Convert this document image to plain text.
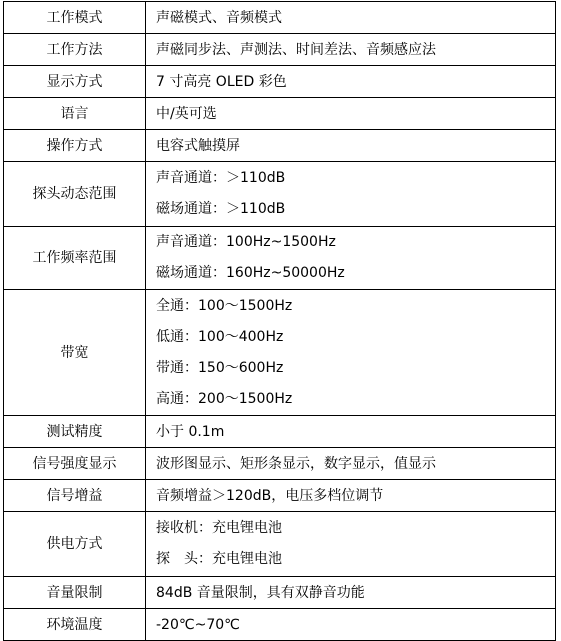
工作模式	声磁模式、音频模式

工作方法	声磁同步法、声测法、时间差法、音频感应法

显示方式	7 寸高亮 OLED 彩色

语言	中/英可选

操作方式	电容式触摸屏

探头动态范围	声音通道：＞110dB
磁场通道：＞110dB

工作频率范围	声音通道：100Hz~1500Hz
磁场通道：160Hz~50000Hz

带宽	全通：100～1500Hz
低通：100～400Hz
带通：150～600Hz
高通：200～1500Hz

测试精度	小于 0.1m

信号强度显示	波形图显示、矩形条显示，数字显示，值显示

信号增益	音频增益＞120dB，电压多档位调节

供电方式	接收机：充电锂电池
探　头：充电锂电池

音量限制	84dB 音量限制，具有双静音功能

环境温度	-20℃~70℃
